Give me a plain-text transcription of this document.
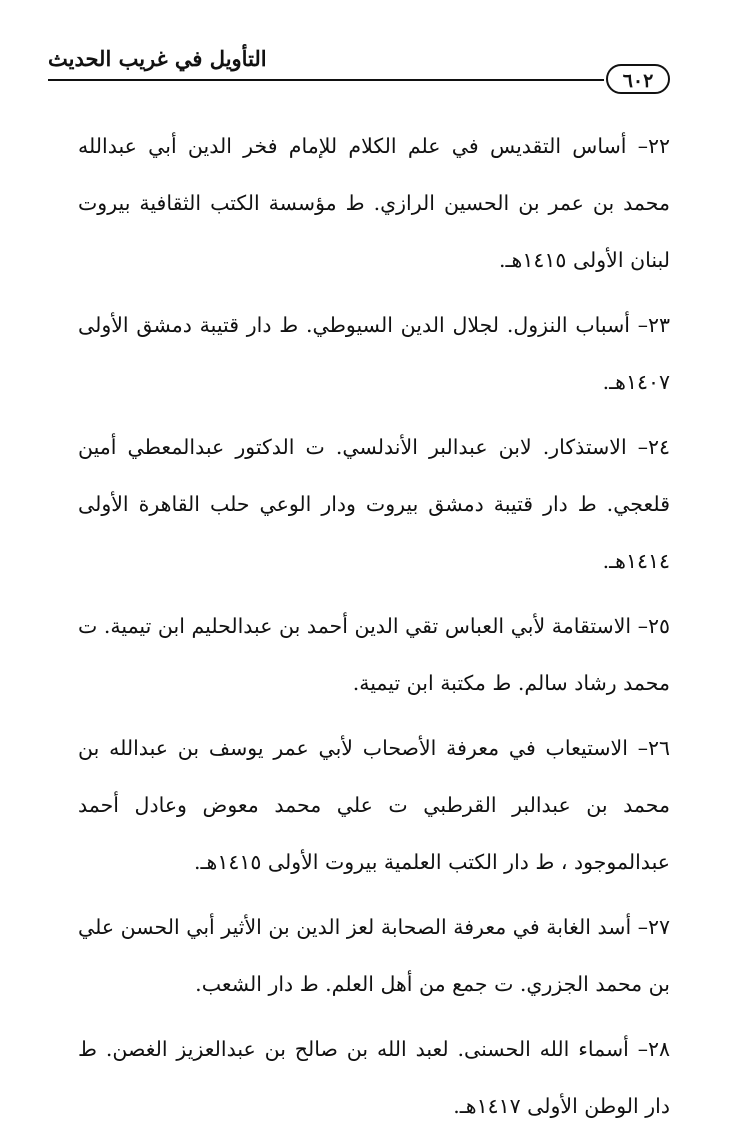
التأويل في غريب الحديث
٦٠٢
٢٢– أساس التقديس في علم الكلام للإمام فخر الدين أبي عبدالله محمد بن عمر بن الحسين الرازي. ط مؤسسة الكتب الثقافية بيروت لبنان الأولى ١٤١٥هـ.
٢٣– أسباب النزول. لجلال الدين السيوطي. ط دار قتيبة دمشق الأولى ١٤٠٧هـ.
٢٤– الاستذكار. لابن عبدالبر الأندلسي. ت الدكتور عبدالمعطي أمين قلعجي. ط دار قتيبة دمشق بيروت ودار الوعي حلب القاهرة الأولى ١٤١٤هـ.
٢٥– الاستقامة لأبي العباس تقي الدين أحمد بن عبدالحليم ابن تيمية. ت محمد رشاد سالم. ط مكتبة ابن تيمية.
٢٦– الاستيعاب في معرفة الأصحاب لأبي عمر يوسف بن عبدالله بن محمد بن عبدالبر القرطبي ت علي محمد معوض وعادل أحمد عبدالموجود ، ط دار الكتب العلمية بيروت الأولى ١٤١٥هـ.
٢٧– أسد الغابة في معرفة الصحابة لعز الدين بن الأثير أبي الحسن علي بن محمد الجزري. ت جمع من أهل العلم. ط دار الشعب.
٢٨– أسماء الله الحسنى. لعبد الله بن صالح بن عبدالعزيز الغصن. ط دار الوطن الأولى ١٤١٧هـ.
